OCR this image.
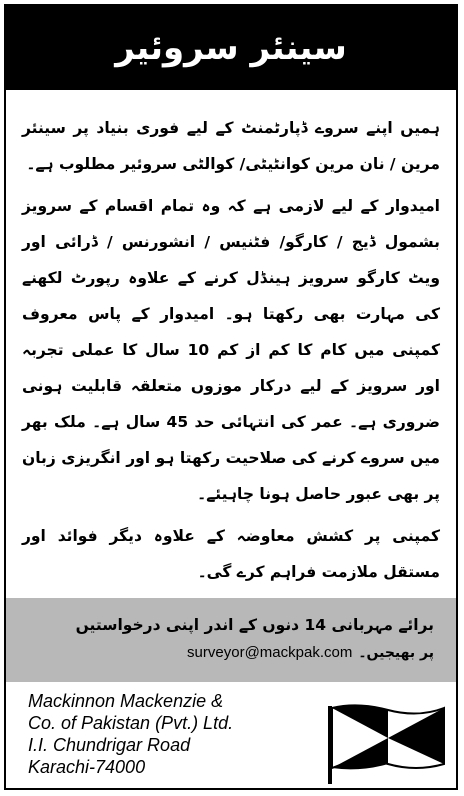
سینئر سروئیر

ہمیں اپنے سروے ڈپارٹمنٹ کے لیے فوری بنیاد پر سینئر مرین / نان مرین کوانٹیٹی/ کوالٹی سروئیر مطلوب ہے۔

امیدوار کے لیے لازمی ہے کہ وہ تمام اقسام کے سرویز بشمول ڈیج / کارگو/ فٹنیس / انشورنس / ڈرائی اور ویٹ کارگو سرویز ہینڈل کرنے کے علاوہ رپورٹ لکھنے کی مہارت بھی رکھتا ہو۔ امیدوار کے پاس معروف کمپنی میں کام کا کم از کم 10 سال کا عملی تجربہ اور سرویز کے لیے درکار موزوں متعلقہ قابلیت ہونی ضروری ہے۔ عمر کی انتہائی حد 45 سال ہے۔ ملک بھر میں سروے کرنے کی صلاحیت رکھتا ہو اور انگریزی زبان پر بھی عبور حاصل ہونا چاہیئے۔

کمپنی پر کشش معاوضہ کے علاوہ دیگر فوائد اور مستقل ملازمت فراہم کرے گی۔

برائے مہربانی 14 دنوں کے اندر اپنی درخواستیں
پر بھیجیں۔
surveyor@mackpak.com
Mackinnon Mackenzie &
Co. of Pakistan (Pvt.) Ltd.
I.I. Chundrigar Road
Karachi-74000
